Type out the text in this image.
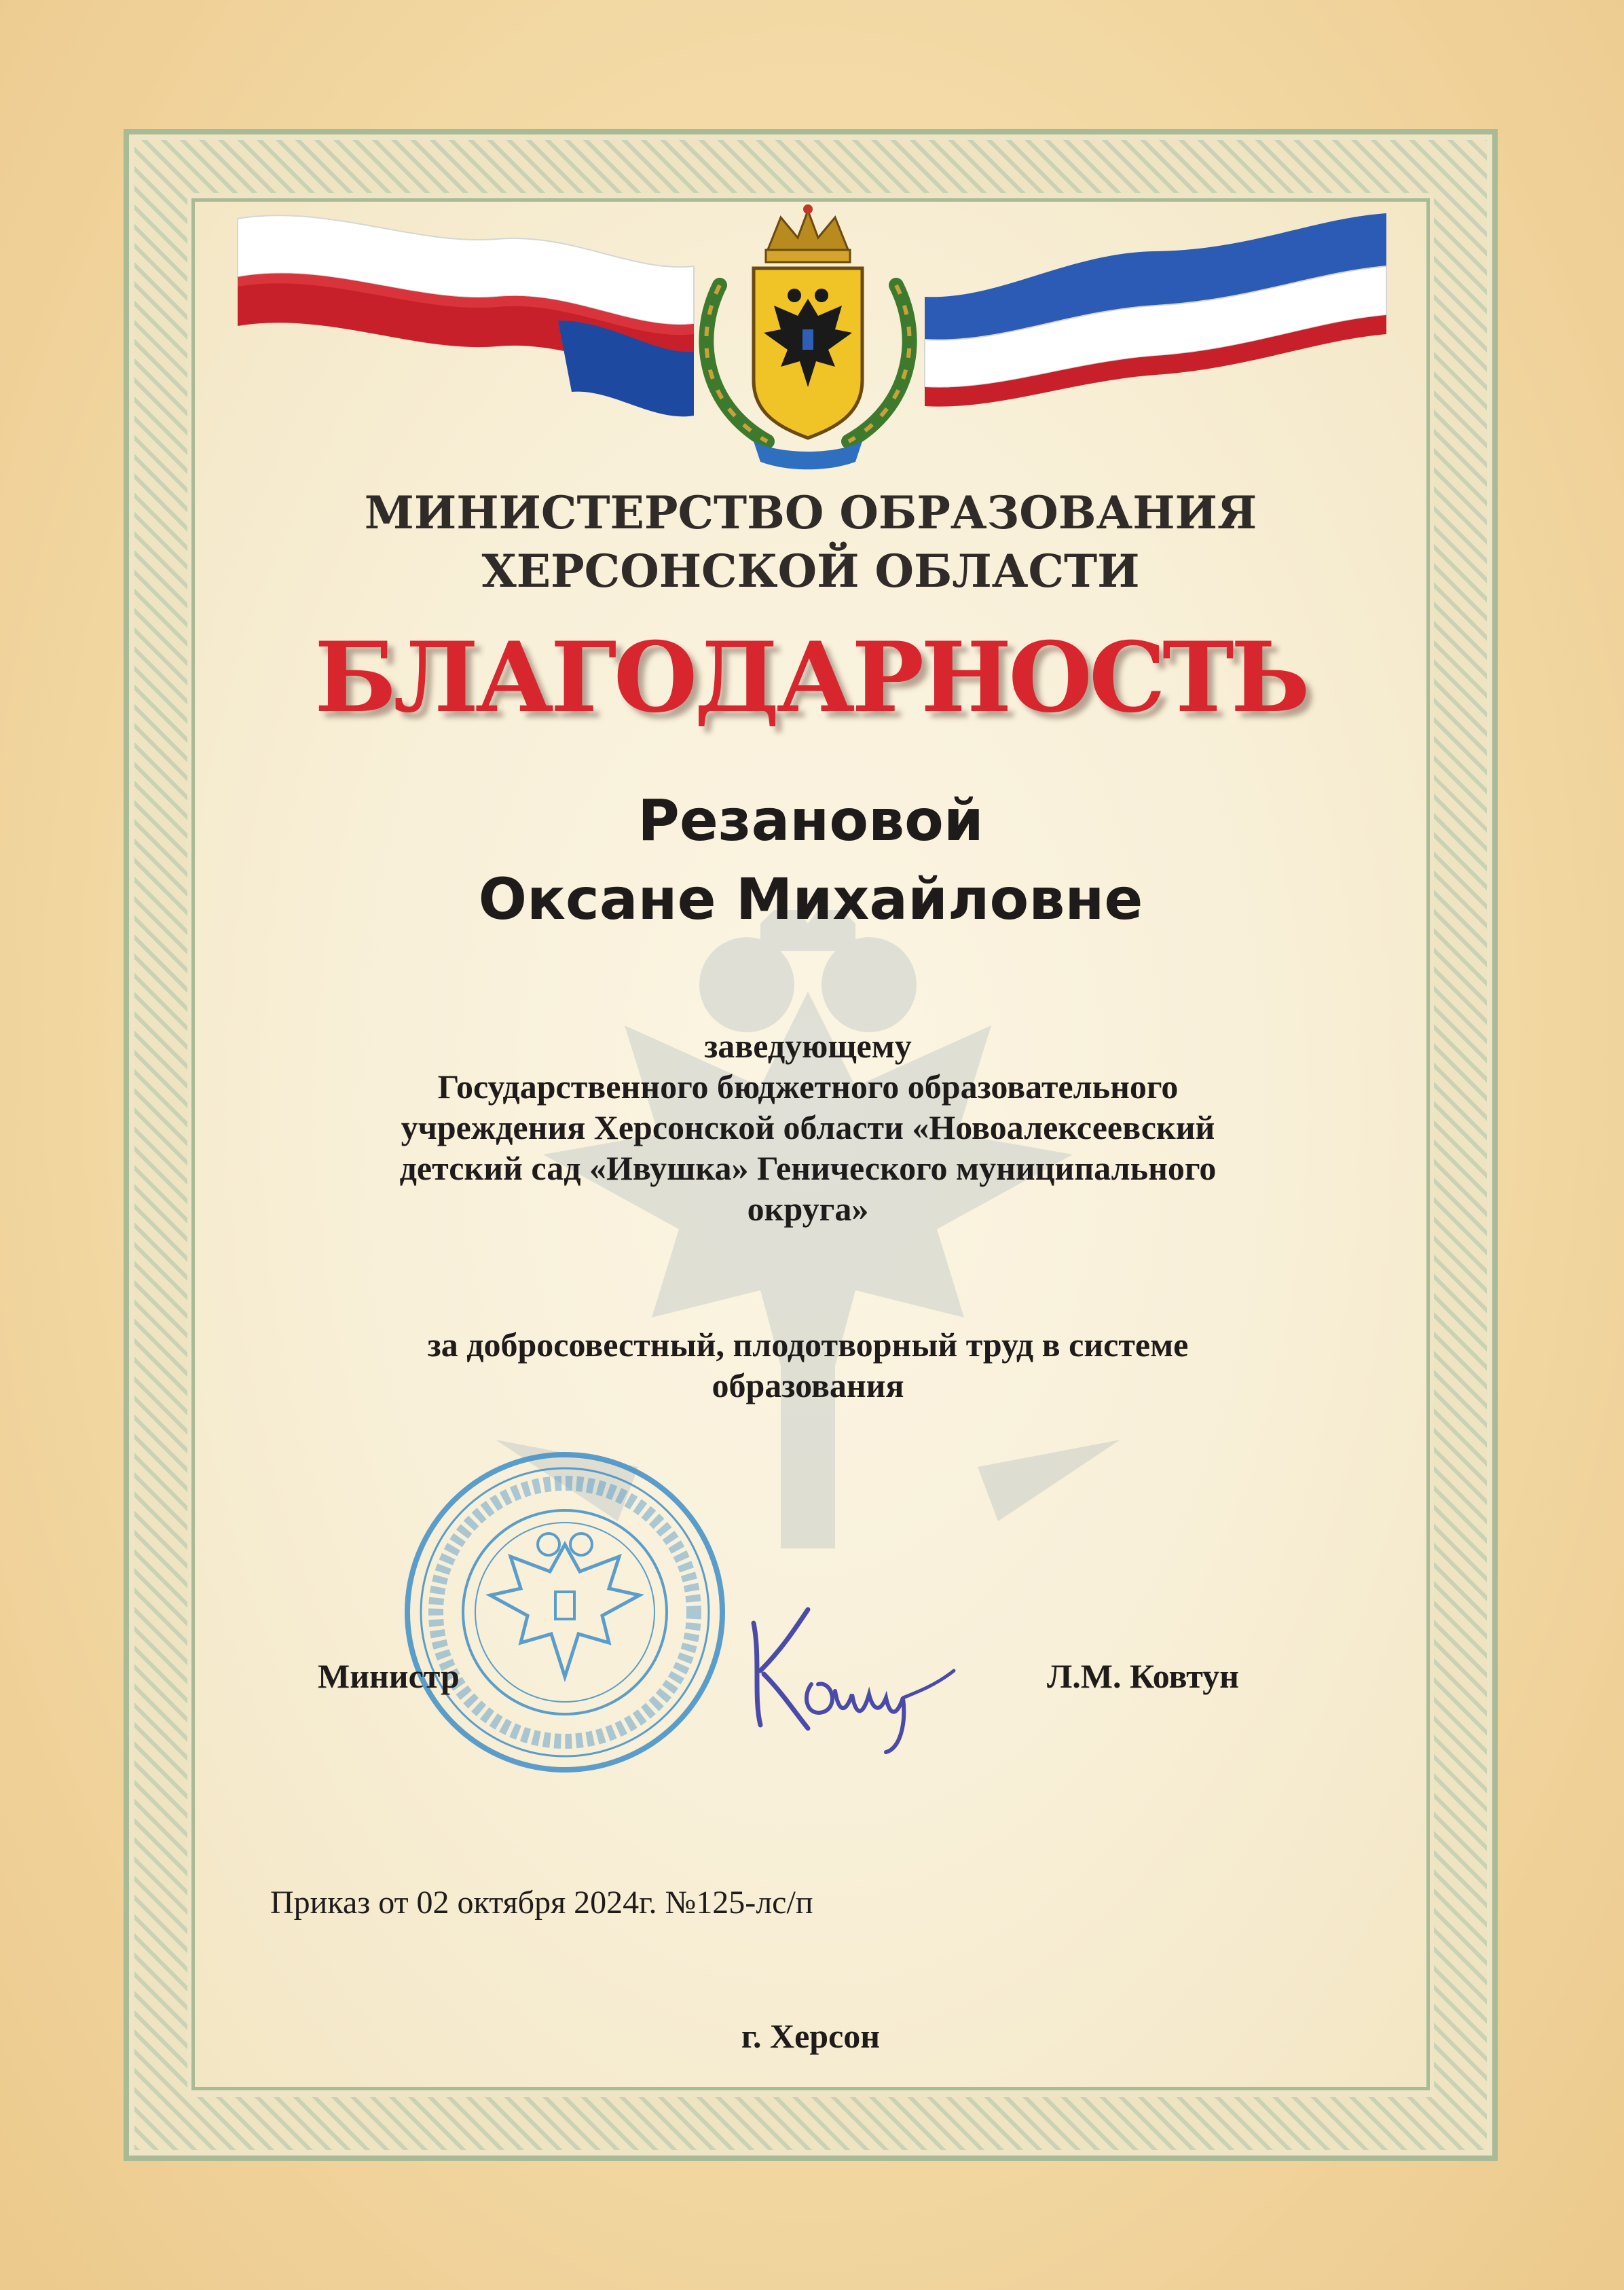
МИНИСТЕРСТВО ОБРАЗОВАНИЯ
ХЕРСОНСКОЙ ОБЛАСТИ
БЛАГОДАРНОСТЬ
Резановой
Оксане Михайловне
заведующему
Государственного бюджетного образовательного
учреждения Херсонской области «Новоалексеевский
детский сад «Ивушка» Генического муниципального
округа»
за добросовестный, плодотворный труд в системе
образования
Министр	Л.М. Ковтун
Приказ от 02 октября 2024г. №125-лс/п
г. Херсон
